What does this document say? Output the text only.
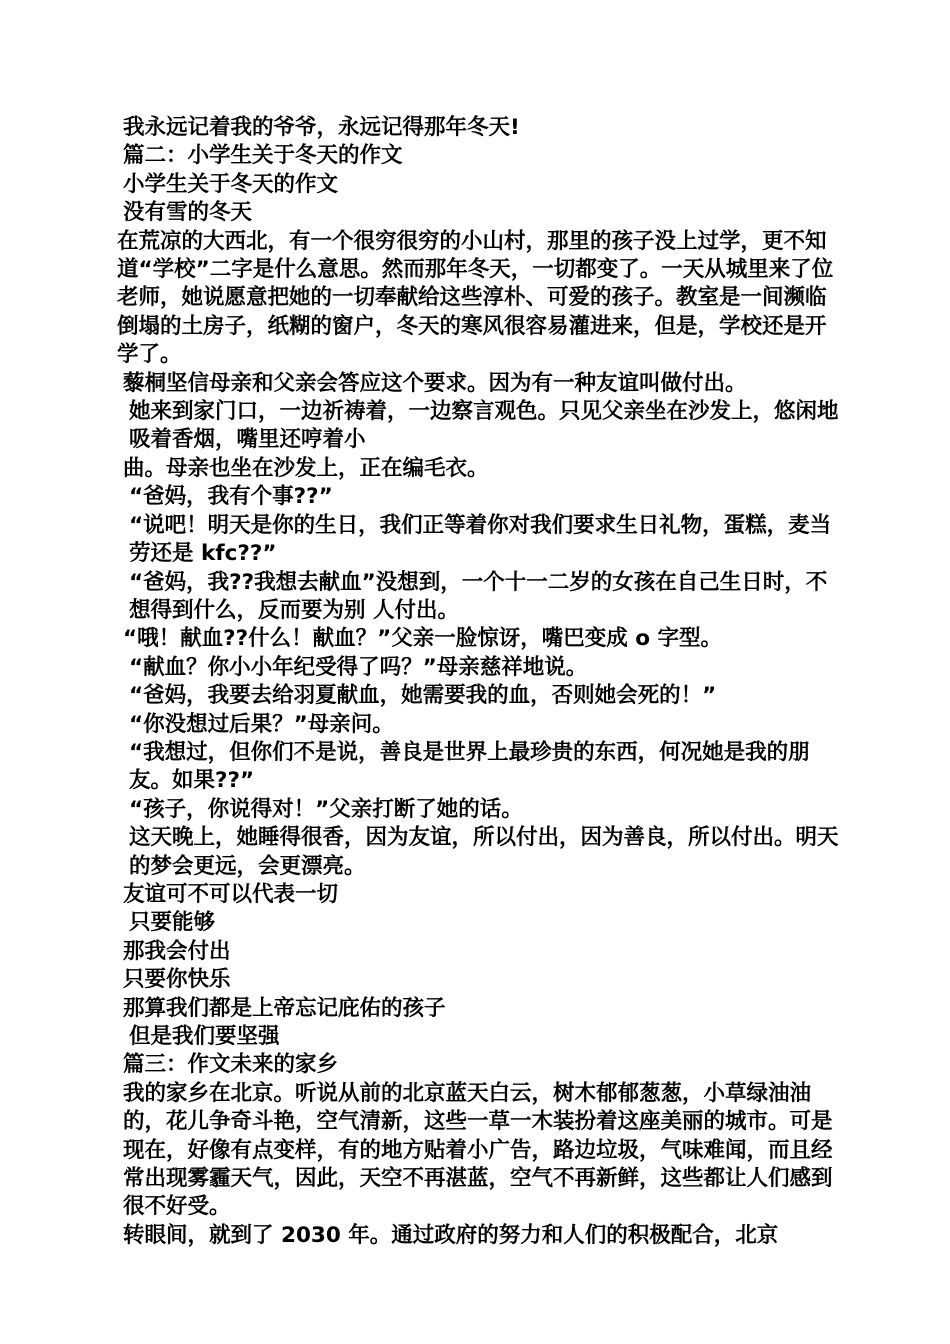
我永远记着我的爷爷，永远记得那年冬天!

篇二：小学生关于冬天的作文

小学生关于冬天的作文

没有雪的冬天

在荒凉的大西北，有一个很穷很穷的小山村，那里的孩子没上过学，更不知道“学校”二字是什么意思。然而那年冬天，一切都变了。一天从城里来了位老师，她说愿意把她的一切奉献给这些淳朴、可爱的孩子。教室是一间濒临倒塌的土房子，纸糊的窗户，冬天的寒风很容易灌进来，但是，学校还是开学了。

藜桐坚信母亲和父亲会答应这个要求。因为有一种友谊叫做付出。

她来到家门口，一边祈祷着，一边察言观色。只见父亲坐在沙发上，悠闲地吸着香烟，嘴里还哼着小

曲。母亲也坐在沙发上，正在编毛衣。

“爸妈，我有个事??”

“说吧！明天是你的生日，我们正等着你对我们要求生日礼物，蛋糕，麦当劳还是 kfc??”

“爸妈，我??我想去献血”没想到，一个十一二岁的女孩在自己生日时，不想得到什么，反而要为别 人付出。

“哦！献血??什么！献血？”父亲一脸惊讶，嘴巴变成 o 字型。

“献血？你小小年纪受得了吗？”母亲慈祥地说。

“爸妈，我要去给羽夏献血，她需要我的血，否则她会死的！”

“你没想过后果？”母亲问。

“我想过，但你们不是说，善良是世界上最珍贵的东西，何况她是我的朋友。如果??”

“孩子，你说得对！”父亲打断了她的话。

这天晚上，她睡得很香，因为友谊，所以付出，因为善良，所以付出。明天的梦会更远，会更漂亮。

友谊可不可以代表一切

只要能够

那我会付出

只要你快乐

那算我们都是上帝忘记庇佑的孩子

但是我们要坚强

篇三：作文未来的家乡

我的家乡在北京。听说从前的北京蓝天白云，树木郁郁葱葱，小草绿油油的，花儿争奇斗艳，空气清新，这些一草一木装扮着这座美丽的城市。可是现在，好像有点变样，有的地方贴着小广告，路边垃圾，气味难闻，而且经常出现雾霾天气，因此，天空不再湛蓝，空气不再新鲜，这些都让人们感到很不好受。

转眼间，就到了 2030 年。通过政府的努力和人们的积极配合，北京
